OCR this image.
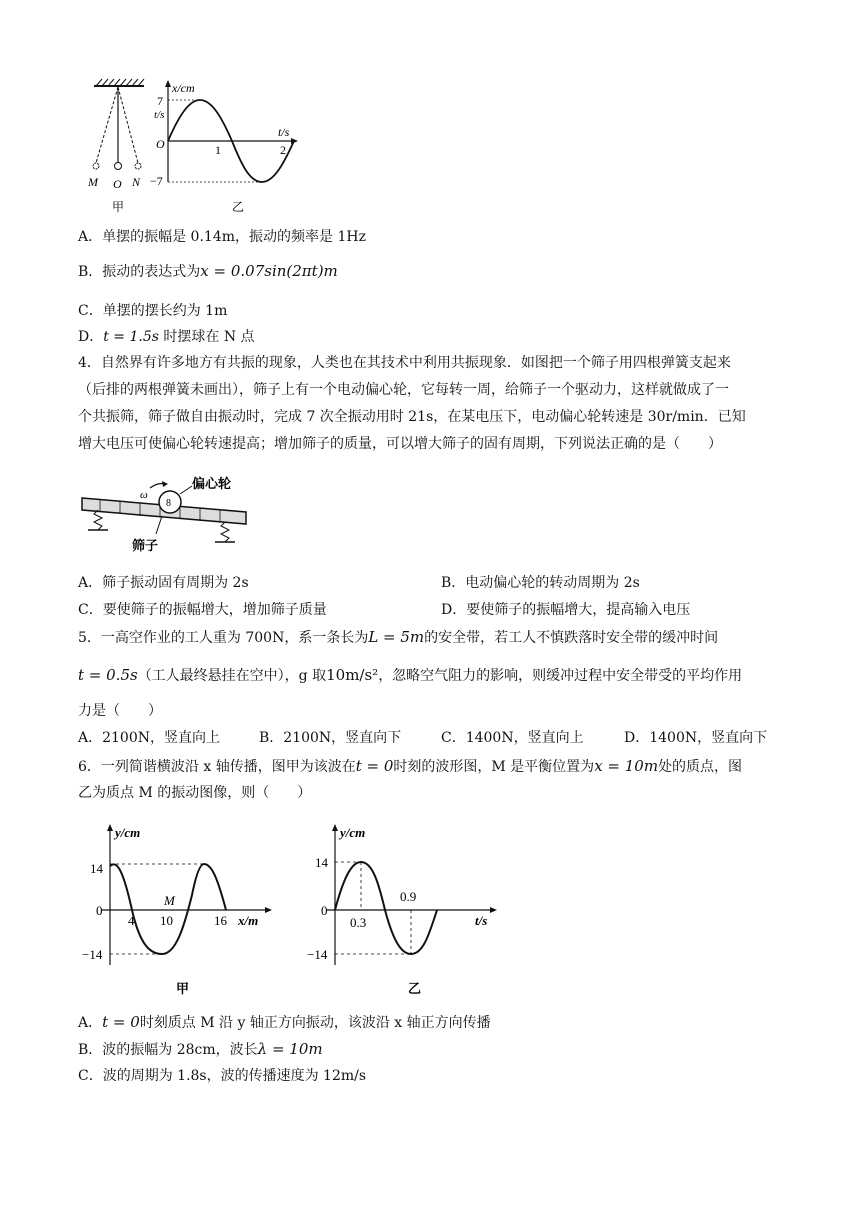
M O N
甲
t/s
x/cm
t/s
O
7
−7
1	2
乙
A．单摆的振幅是 0.14m，振动的频率是 1Hz
B．振动的表达式为x = 0.07sin(2πt)m
C．单摆的摆长约为 1m
D．t = 1.5s 时摆球在 N 点
4．自然界有许多地方有共振的现象，人类也在其技术中利用共振现象．如图把一个筛子用四根弹簧支起来
（后排的两根弹簧未画出），筛子上有一个电动偏心轮，它每转一周，给筛子一个驱动力，这样就做成了一
个共振筛，筛子做自由振动时，完成 7 次全振动用时 21s，在某电压下，电动偏心轮转速是 30r/min．已知
增大电压可使偏心轮转速提高；增加筛子的质量，可以增大筛子的固有周期，下列说法正确的是（　　）
8
ω
偏心轮
筛子
A．筛子振动固有周期为 2s	B．电动偏心轮的转动周期为 2s
C．要使筛子的振幅增大，增加筛子质量	D．要使筛子的振幅增大，提高输入电压
5．一高空作业的工人重为 700N，系一条长为L = 5m的安全带，若工人不慎跌落时安全带的缓冲时间
t = 0.5s（工人最终悬挂在空中），g 取10m/s²，忽略空气阻力的影响，则缓冲过程中安全带受的平均作用
力是（　　）
A．2100N，竖直向上	B．2100N，竖直向下	C．1400N，竖直向上	D．1400N，竖直向下
6．一列简谐横波沿 x 轴传播，图甲为该波在t = 0时刻的波形图，M 是平衡位置为x = 10m处的质点，图
乙为质点 M 的振动图像，则（　　）
y/cm
x/m
14
−14
0
4 10	16
M
甲
y/cm
t/s
14
−14
0
0.3
0.9
乙
A．t = 0时刻质点 M 沿 y 轴正方向振动，该波沿 x 轴正方向传播
B．波的振幅为 28cm，波长λ = 10m
C．波的周期为 1.8s，波的传播速度为 12m/s
